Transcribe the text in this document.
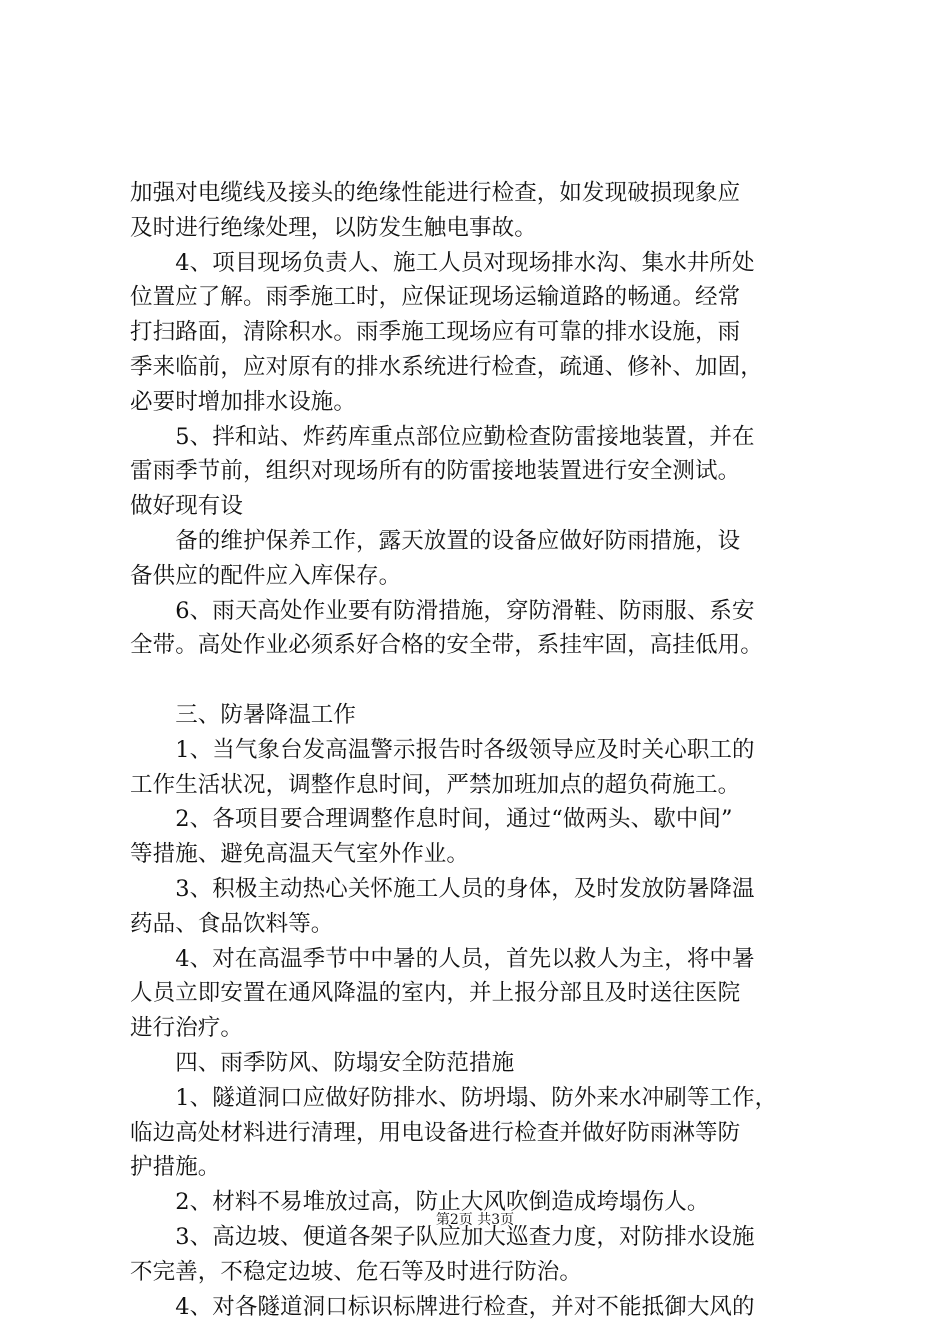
加强对电缆线及接头的绝缘性能进行检查，如发现破损现象应
及时进行绝缘处理，以防发生触电事故。
　　4、项目现场负责人、施工人员对现场排水沟、集水井所处
位置应了解。雨季施工时，应保证现场运输道路的畅通。经常
打扫路面，清除积水。雨季施工现场应有可靠的排水设施，雨
季来临前，应对原有的排水系统进行检查，疏通、修补、加固，
必要时增加排水设施。
　　5、拌和站、炸药库重点部位应勤检查防雷接地装置，并在
雷雨季节前，组织对现场所有的防雷接地装置进行安全测试。
做好现有设
　　备的维护保养工作，露天放置的设备应做好防雨措施，设
备供应的配件应入库保存。
　　6、雨天高处作业要有防滑措施，穿防滑鞋、防雨服、系安
全带。高处作业必须系好合格的安全带，系挂牢固，高挂低用。
　　三、防暑降温工作
　　1、当气象台发高温警示报告时各级领导应及时关心职工的
工作生活状况，调整作息时间，严禁加班加点的超负荷施工。
　　2、各项目要合理调整作息时间，通过“做两头、歇中间”
等措施、避免高温天气室外作业。
　　3、积极主动热心关怀施工人员的身体，及时发放防暑降温
药品、食品饮料等。
　　4、对在高温季节中中暑的人员，首先以救人为主，将中暑
人员立即安置在通风降温的室内，并上报分部且及时送往医院
进行治疗。
　　四、雨季防风、防塌安全防范措施
　　1、隧道洞口应做好防排水、防坍塌、防外来水冲刷等工作，
临边高处材料进行清理，用电设备进行检查并做好防雨淋等防
护措施。
　　2、材料不易堆放过高，防止大风吹倒造成垮塌伤人。
　　3、高边坡、便道各架子队应加大巡查力度，对防排水设施
不完善，不稳定边坡、危石等及时进行防治。
　　4、对各隧道洞口标识标牌进行检查，并对不能抵御大风的
第2页 共3页
